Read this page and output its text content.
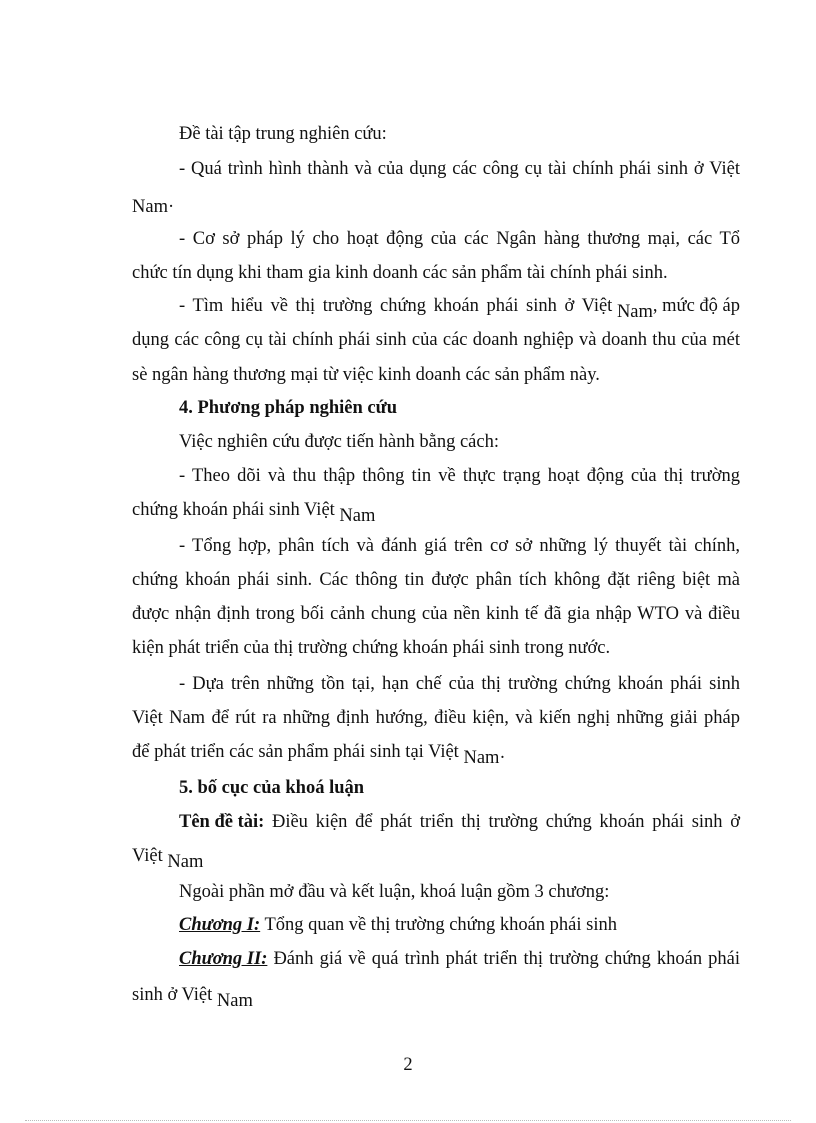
Đề tài tập trung nghiên cứu:
- Quá trình hình thành và của dụng các công cụ tài chính phái sinh ở Việt
Nam·
- Cơ sở pháp lý cho hoạt động của các Ngân hàng thương mại, các Tổ
chức tín dụng khi tham gia kinh doanh các sản phẩm tài chính phái sinh.
- Tìm hiểu về thị trường chứng khoán phái sinh ở Việt Nam , mức độ áp
dụng các công cụ tài chính phái sinh của các doanh nghiệp và doanh thu của mét
sè ngân hàng thương mại từ việc kinh doanh các sản phẩm này.
4. Phương pháp nghiên cứu
Việc nghiên cứu được tiến hành bằng cách:
- Theo dõi và thu thập thông tin về thực trạng hoạt động của thị trường
chứng khoán phái sinh Việt Nam
- Tổng hợp, phân tích và đánh giá trên cơ sở những lý thuyết tài chính,
chứng khoán phái sinh. Các thông tin được phân tích không đặt riêng biệt mà
được nhận định trong bối cảnh chung của nền kinh tế đã gia nhập WTO và điều
kiện phát triển của thị trường chứng khoán phái sinh trong nước.
- Dựa trên những tồn tại, hạn chế của thị trường chứng khoán phái sinh
Việt Nam để rút ra những định hướng, điều kiện, và kiến nghị những giải pháp
để phát triển các sản phẩm phái sinh tại Việt Nam·
5. bố cục của khoá luận
Tên đề tài: Điều kiện để phát triển thị trường chứng khoán phái sinh ở
Việt Nam
Ngoài phần mở đầu và kết luận, khoá luận gồm 3 chương:
Chương I: Tổng quan về thị trường chứng khoán phái sinh
Chương II: Đánh giá về quá trình phát triển thị trường chứng khoán phái
sinh ở Việt Nam
2
